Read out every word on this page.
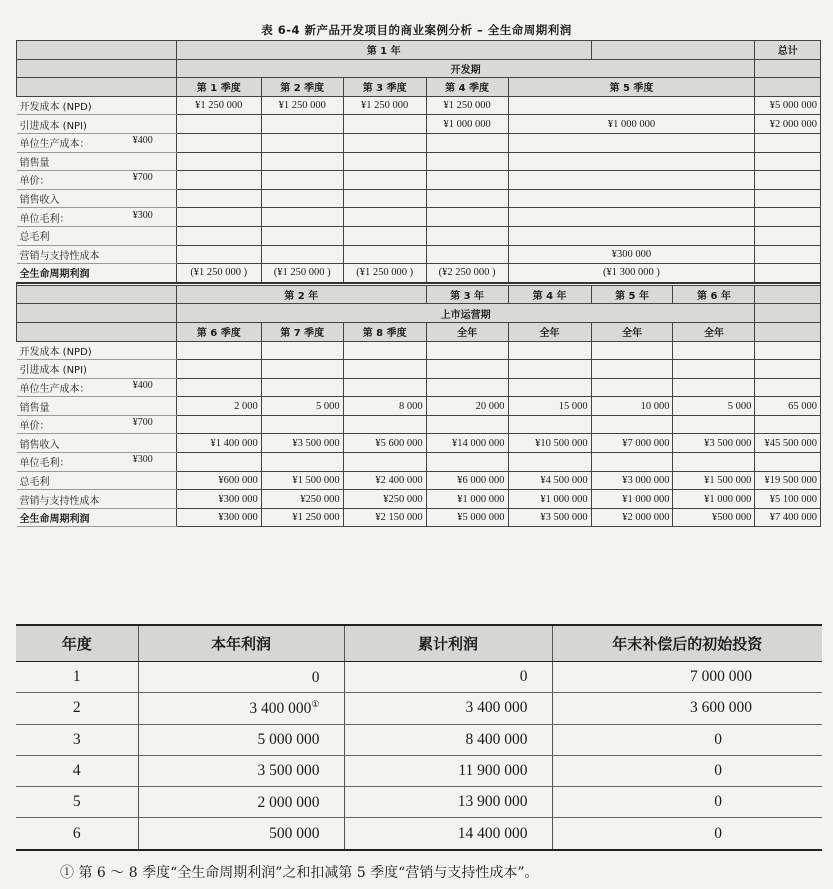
表 6-4 新产品开发项目的商业案例分析 – 全生命周期利润
	第 1 年							总计
	开发期							
	第 1 季度	第 2 季度	第 3 季度	第 4 季度	第 5 季度			
开发成本 (NPD)	¥1 250 000	¥1 250 000	¥1 250 000	¥1 250 000				¥5 000 000
引进成本 (NPI)				¥1 000 000	¥1 000 000			¥2 000 000
单位生产成本： ¥400								

销售量		

单价： ¥700								

销售收入		

单位毛利： ¥300								

总毛利		

营销与支持性成本					¥300 000			
全生命周期利润	(¥1 250 000 )	(¥1 250 000 )	(¥1 250 000 )	(¥2 250 000 )	(¥1 300 000 )			

	第 2 年			第 3 年	第 4 年	第 5 年	第 6 年	
	上市运营期							
	第 6 季度	第 7 季度	第 8 季度	全年	全年	全年	全年	
开发成本 (NPD)

引进成本 (NPI)

单位生产成本： ¥400								

销售量	2 000	5 000	8 000	20 000	15 000	10 000	5 000	65 000
单价： ¥700								

销售收入	¥1 400 000	¥3 500 000	¥5 600 000	¥14 000 000	¥10 500 000	¥7 000 000	¥3 500 000	¥45 500 000
单位毛利： ¥300								

总毛利	¥600 000	¥1 500 000	¥2 400 000	¥6 000 000	¥4 500 000	¥3 000 000	¥1 500 000	¥19 500 000
营销与支持性成本	¥300 000	¥250 000	¥250 000	¥1 000 000	¥1 000 000	¥1 000 000	¥1 000 000	¥5 100 000
全生命周期利润	¥300 000	¥1 250 000	¥2 150 000	¥5 000 000	¥3 500 000	¥2 000 000	¥500 000	¥7 400 000
年度	本年利润	累计利润	年末补偿后的初始投资
1	0	0	7 000 000
2	3 400 000①	3 400 000	3 600 000
3	5 000 000	8 400 000	0
4	3 500 000	11 900 000	0
5	2 000 000	13 900 000	0
6	500 000	14 400 000	0
① 第 6 ～ 8 季度“全生命周期利润”之和扣减第 5 季度“营销与支持性成本”。
